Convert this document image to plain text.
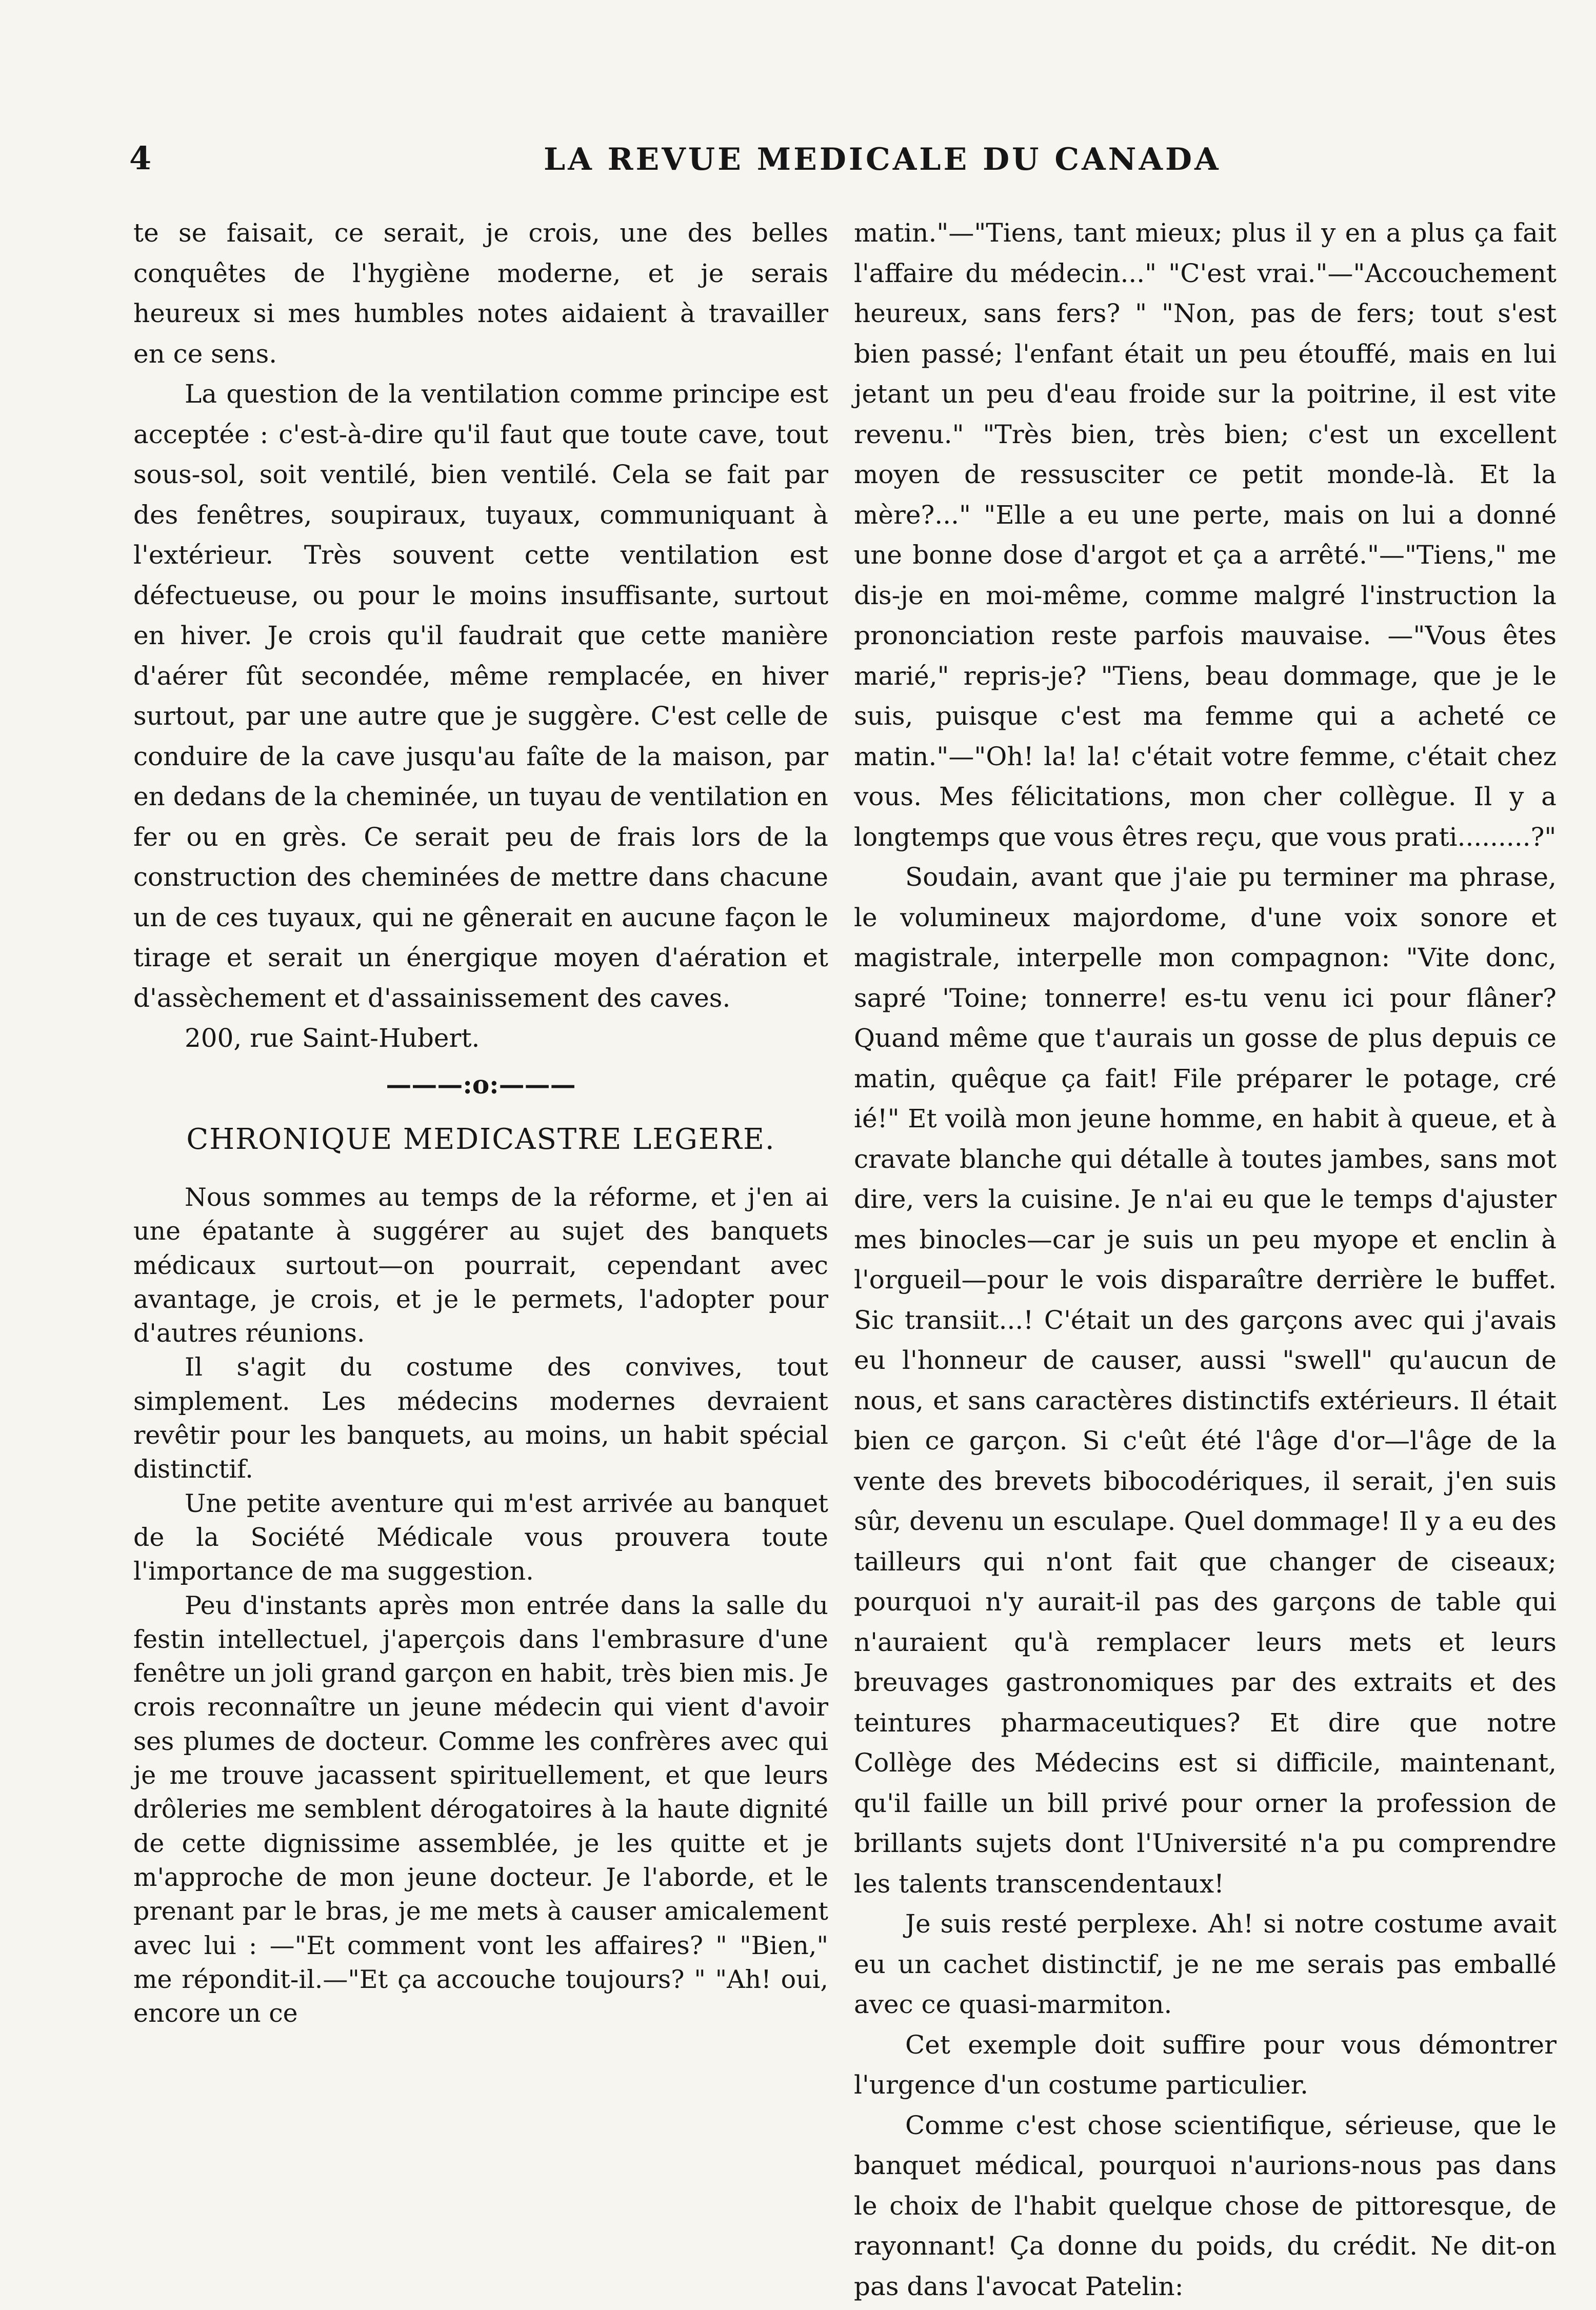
4	LA REVUE MEDICALE DU CANADA

te se faisait, ce serait, je crois, une des belles conquêtes de l'hygiène moderne, et je serais heureux si mes humbles notes aidaient à travailler en ce sens.

La question de la ventilation comme principe est acceptée : c'est-à-dire qu'il faut que toute cave, tout sous-sol, soit ventilé, bien ventilé. Cela se fait par des fenêtres, soupiraux, tuyaux, communiquant à l'extérieur. Très souvent cette ventilation est défectueuse, ou pour le moins insuffisante, surtout en hiver. Je crois qu'il faudrait que cette manière d'aérer fût secondée, même remplacée, en hiver surtout, par une autre que je suggère. C'est celle de conduire de la cave jusqu'au faîte de la maison, par en dedans de la cheminée, un tuyau de ventilation en fer ou en grès. Ce serait peu de frais lors de la construction des cheminées de mettre dans chacune un de ces tuyaux, qui ne gênerait en aucune façon le tirage et serait un énergique moyen d'aération et d'assèchement et d'assainissement des caves.

200, rue Saint-Hubert.

———:o:———
CHRONIQUE MEDICASTRE LEGERE.

Nous sommes au temps de la réforme, et j'en ai une épatante à suggérer au sujet des banquets médicaux surtout—on pourrait, cependant avec avantage, je crois, et je le permets, l'adopter pour d'autres réunions.

Il s'agit du costume des convives, tout simplement. Les médecins modernes devraient revêtir pour les banquets, au moins, un habit spécial distinctif.

Une petite aventure qui m'est arrivée au banquet de la Société Médicale vous prouvera toute l'importance de ma suggestion.

Peu d'instants après mon entrée dans la salle du festin intellectuel, j'aperçois dans l'embrasure d'une fenêtre un joli grand garçon en habit, très bien mis. Je crois reconnaître un jeune médecin qui vient d'avoir ses plumes de docteur. Comme les confrères avec qui je me trouve jacassent spirituellement, et que leurs drôleries me semblent dérogatoires à la haute dignité de cette dignissime assemblée, je les quitte et je m'approche de mon jeune docteur. Je l'aborde, et le prenant par le bras, je me mets à causer amicalement avec lui : —"Et comment vont les affaires? " "Bien," me répondit-il.—"Et ça accouche toujours? " "Ah! oui, encore un ce

matin."—"Tiens, tant mieux; plus il y en a plus ça fait l'affaire du médecin..." "C'est vrai."—"Accouchement heureux, sans fers? " "Non, pas de fers; tout s'est bien passé; l'enfant était un peu étouffé, mais en lui jetant un peu d'eau froide sur la poitrine, il est vite revenu." "Très bien, très bien; c'est un excellent moyen de ressusciter ce petit monde-là. Et la mère?..." "Elle a eu une perte, mais on lui a donné une bonne dose d'argot et ça a arrêté."—"Tiens," me dis-je en moi-même, comme malgré l'instruction la prononciation reste parfois mauvaise. —"Vous êtes marié," repris-je? "Tiens, beau dommage, que je le suis, puisque c'est ma femme qui a acheté ce matin."—"Oh! la! la! c'était votre femme, c'était chez vous. Mes félicitations, mon cher collègue. Il y a longtemps que vous êtres reçu, que vous prati.........?"

Soudain, avant que j'aie pu terminer ma phrase, le volumineux majordome, d'une voix sonore et magistrale, interpelle mon compagnon: "Vite donc, sapré 'Toine; tonnerre! es-tu venu ici pour flâner? Quand même que t'aurais un gosse de plus depuis ce matin, quêque ça fait! File préparer le potage, cré ié!" Et voilà mon jeune homme, en habit à queue, et à cravate blanche qui détalle à toutes jambes, sans mot dire, vers la cuisine. Je n'ai eu que le temps d'ajuster mes binocles—car je suis un peu myope et enclin à l'orgueil—pour le vois disparaître derrière le buffet. Sic transiit...! C'était un des garçons avec qui j'avais eu l'honneur de causer, aussi "swell" qu'aucun de nous, et sans caractères distinctifs extérieurs. Il était bien ce garçon. Si c'eût été l'âge d'or—l'âge de la vente des brevets bibocodériques, il serait, j'en suis sûr, devenu un esculape. Quel dommage! Il y a eu des tailleurs qui n'ont fait que changer de ciseaux; pourquoi n'y aurait-il pas des garçons de table qui n'auraient qu'à remplacer leurs mets et leurs breuvages gastronomiques par des extraits et des teintures pharmaceutiques? Et dire que notre Collège des Médecins est si difficile, maintenant, qu'il faille un bill privé pour orner la profession de brillants sujets dont l'Université n'a pu comprendre les talents transcendentaux!

Je suis resté perplexe. Ah! si notre costume avait eu un cachet distinctif, je ne me serais pas emballé avec ce quasi-marmiton.

Cet exemple doit suffire pour vous démontrer l'urgence d'un costume particulier.

Comme c'est chose scientifique, sérieuse, que le banquet médical, pourquoi n'aurions-nous pas dans le choix de l'habit quelque chose de pittoresque, de rayonnant! Ça donne du poids, du crédit. Ne dit-on pas dans l'avocat Patelin:
